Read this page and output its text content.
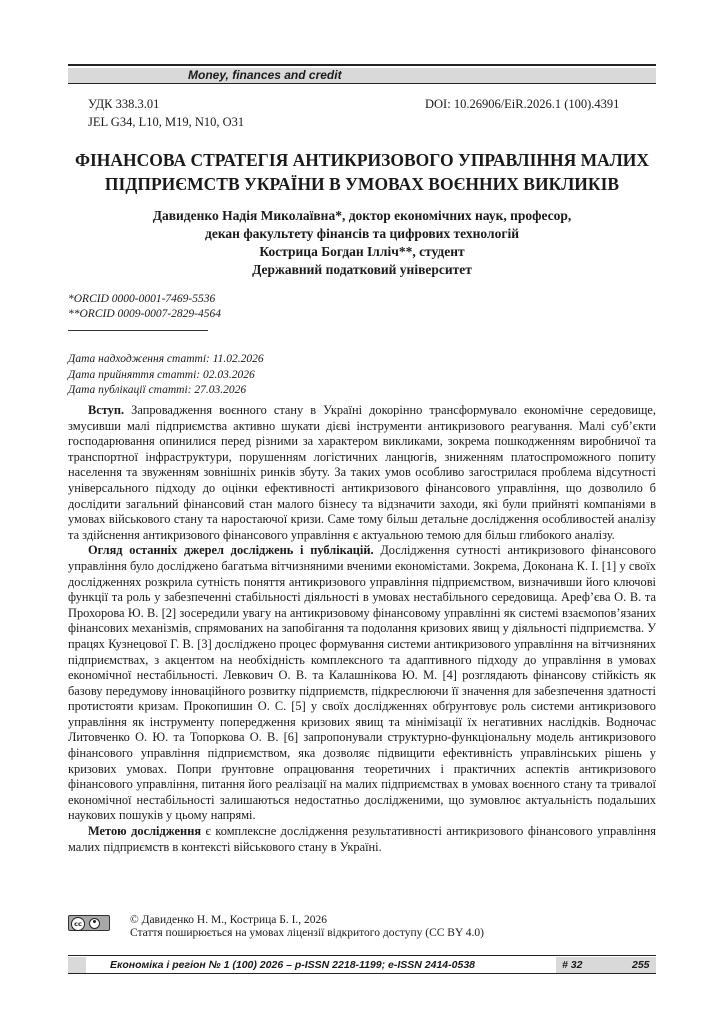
Money, finances and credit
УДК 338.3.01
JEL G34, L10, M19, N10, O31
DOI: 10.26906/EiR.2026.1 (100).4391
ФІНАНСОВА СТРАТЕГІЯ АНТИКРИЗОВОГО УПРАВЛІННЯ МАЛИХ
ПІДПРИЄМСТВ УКРАЇНИ В УМОВАХ ВОЄННИХ ВИКЛИКІВ
Давиденко Надія Миколаївна*, доктор економічних наук, професор,
декан факультету фінансів та цифрових технологій
Кострица Богдан Ілліч**, студент
Державний податковий університет
*ORCID 0000-0001-7469-5536
**ORCID 0009-0007-2829-4564
Дата надходження статті: 11.02.2026
Дата прийняття статті: 02.03.2026
Дата публікації статті: 27.03.2026

Вступ. Запровадження воєнного стану в Україні докорінно трансформувало економічне середовище, змусивши малі підприємства активно шукати дієві інструменти антикризового реагування. Малі суб’єкти господарювання опинилися перед різними за характером викликами, зокрема пошкодженням виробничої та транспортної інфраструктури, порушенням логістичних ланцюгів, зниженням платоспроможного попиту населення та звуженням зовнішніх ринків збуту. За таких умов особливо загострилася проблема відсутності універсального підходу до оцінки ефективності антикризового фінансового управління, що дозволило б дослідити загальний фінансовий стан малого бізнесу та відзначити заходи, які були прийняті компаніями в умовах військового стану та наростаючої кризи. Саме тому більш детальне дослідження особливостей аналізу та здійснення антикризового фінансового управління є актуальною темою для більш глибокого аналізу.

Огляд останніх джерел досліджень і публікацій. Дослідження сутності антикризового фінансового управління було досліджено багатьма вітчизняними вченими економістами. Зокрема, Доконана К. І. [1] у своїх дослідженнях розкрила сутність поняття антикризового управління підприємством, визначивши його ключові функції та роль у забезпеченні стабільності діяльності в умовах нестабільного середовища. Ареф’єва О. В. та Прохорова Ю. В. [2] зосередили увагу на антикризовому фінансовому управлінні як системі взаємопов’язаних фінансових механізмів, спрямованих на запобігання та подолання кризових явищ у діяльності підприємства. У працях Кузнецової Г. В. [3] досліджено процес формування системи антикризового управління на вітчизняних підприємствах, з акцентом на необхідність комплексного та адаптивного підходу до управління в умовах економічної нестабільності. Левкович О. В. та Калашнікова Ю. М. [4] розглядають фінансову стійкість як базову передумову інноваційного розвитку підприємств, підкреслюючи її значення для забезпечення здатності протистояти кризам. Прокопишин О. С. [5] у своїх дослідженнях обґрунтовує роль системи антикризового управління як інструменту попередження кризових явищ та мінімізації їх негативних наслідків. Водночас Литовченко О. Ю. та Топоркова О. В. [6] запропонували структурно-функціональну модель антикризового фінансового управління підприємством, яка дозволяє підвищити ефективність управлінських рішень у кризових умовах. Попри ґрунтовне опрацювання теоретичних і практичних аспектів антикризового фінансового управління, питання його реалізації на малих підприємствах в умовах воєнного стану та тривалої економічної нестабільності залишаються недостатньо дослідженими, що зумовлює актуальність подальших наукових пошуків у цьому напрямі.

Метою дослідження є комплексне дослідження результативності антикризового фінансового управління малих підприємств в контексті військового стану в Україні.

cc	© Давиденко Н. М., Кострица Б. І., 2026
Стаття поширюється на умовах ліцензії відкритого доступу (CC BY 4.0)
Економіка і регіон № 1 (100) 2026 – p-ISSN 2218-1199; e-ISSN 2414-0538	# 32	255
